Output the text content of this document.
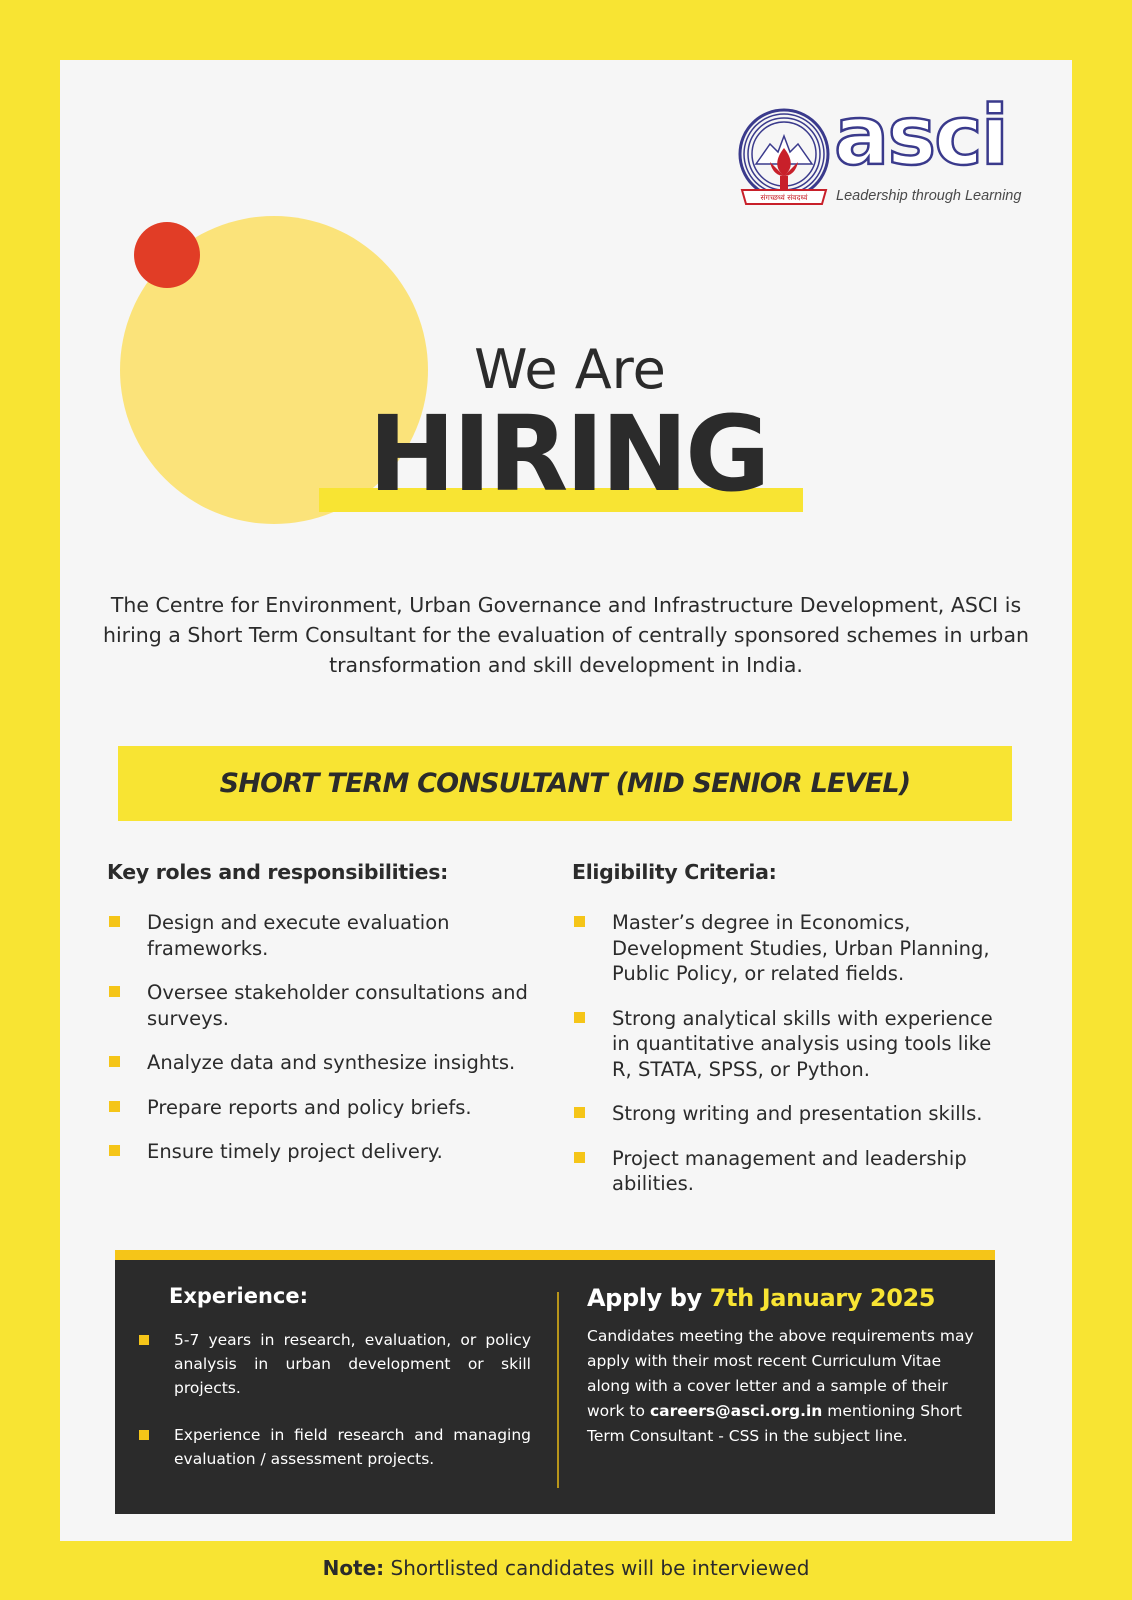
संगच्छध्वं संवदध्वं
asci
Leadership through Learning
We Are
HIRING
The Centre for Environment, Urban Governance and Infrastructure Development, ASCI is hiring a Short Term Consultant for the evaluation of centrally sponsored schemes in urban transformation and skill development in India.
SHORT TERM CONSULTANT (MID SENIOR LEVEL)
Key roles and responsibilities:
Design and execute evaluation frameworks.
Oversee stakeholder consultations and surveys.
Analyze data and synthesize insights.
Prepare reports and policy briefs.
Ensure timely project delivery.
Eligibility Criteria:
Master’s degree in Economics, Development Studies, Urban Planning, Public Policy, or related fields.
Strong analytical skills with experience in quantitative analysis using tools like R, STATA, SPSS, or Python.
Strong writing and presentation skills.
Project management and leadership abilities.
Experience:
5-7 years in research, evaluation, or policy analysis in urban development or skill projects.
Experience in field research and managing evaluation / assessment projects.
Apply by 7th January 2025

Candidates meeting the above requirements may apply with their most recent Curriculum Vitae along with a cover letter and a sample of their work to careers@asci.org.in mentioning Short Term Consultant - CSS in the subject line.

Note: Shortlisted candidates will be interviewed
